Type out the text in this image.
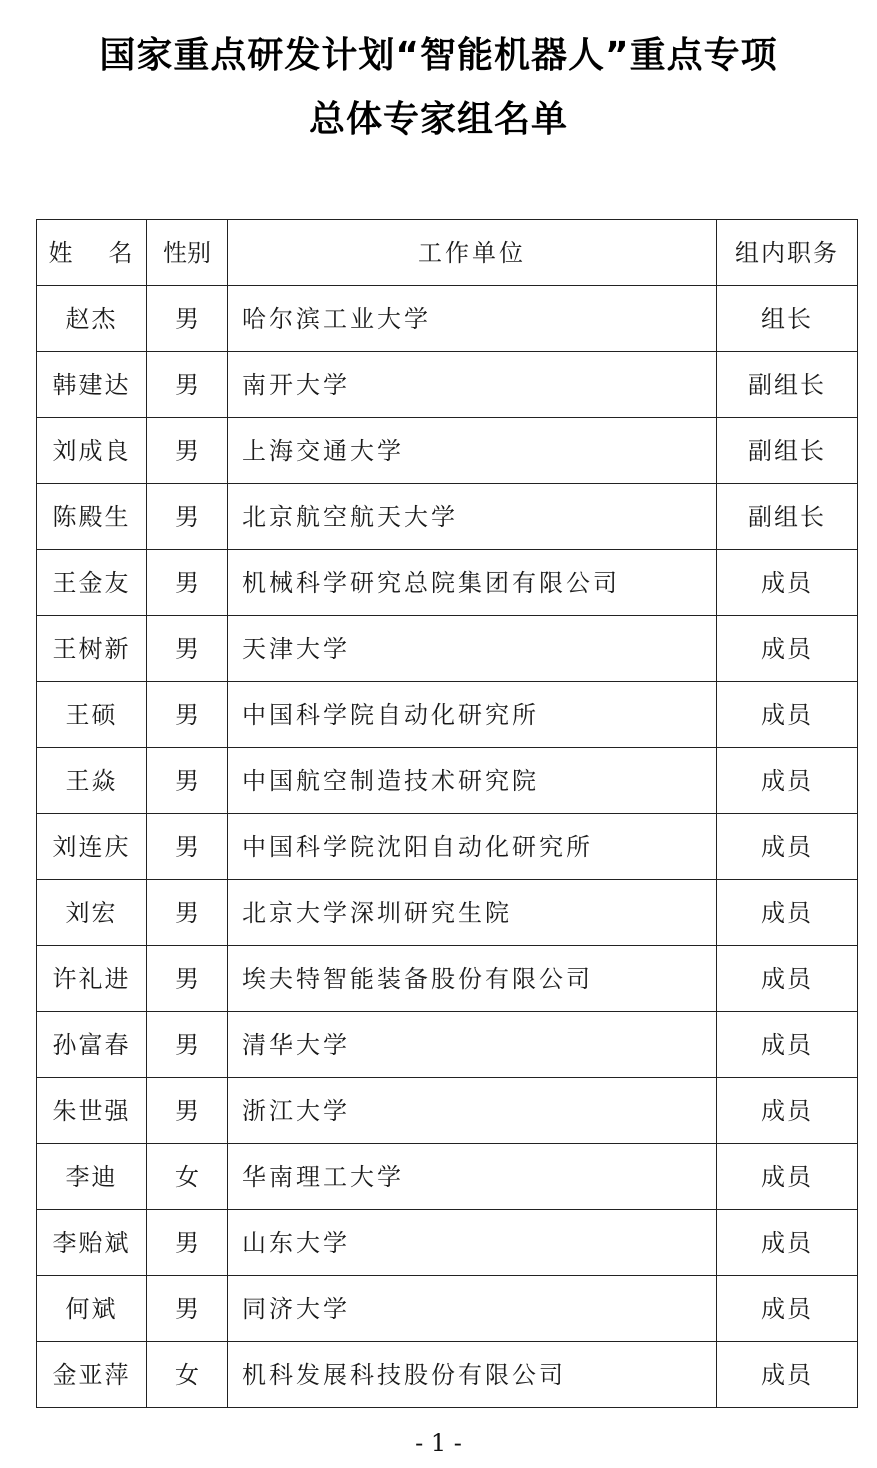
国家重点研发计划“智能机器人”重点专项
总体专家组名单
姓 名	性别	工作单位	组内职务
赵杰	男	哈尔滨工业大学	组长
韩建达	男	南开大学	副组长
刘成良	男	上海交通大学	副组长
陈殿生	男	北京航空航天大学	副组长
王金友	男	机械科学研究总院集团有限公司	成员
王树新	男	天津大学	成员
王硕	男	中国科学院自动化研究所	成员
王焱	男	中国航空制造技术研究院	成员
刘连庆	男	中国科学院沈阳自动化研究所	成员
刘宏	男	北京大学深圳研究生院	成员
许礼进	男	埃夫特智能装备股份有限公司	成员
孙富春	男	清华大学	成员
朱世强	男	浙江大学	成员
李迪	女	华南理工大学	成员
李贻斌	男	山东大学	成员
何斌	男	同济大学	成员
金亚萍	女	机科发展科技股份有限公司	成员
- 1 -
